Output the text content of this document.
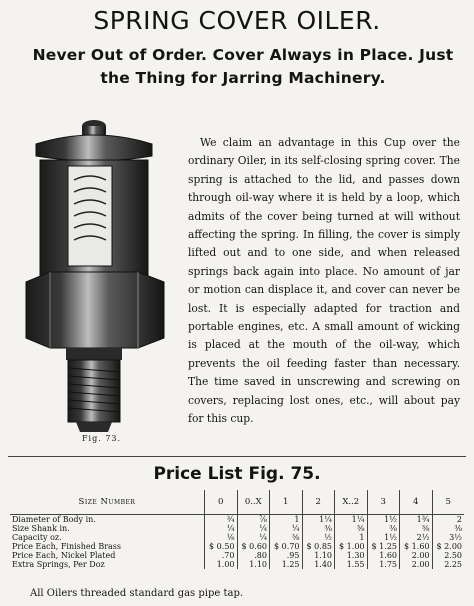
SPRING COVER OILER.
Never Out of Order. Cover Always in Place. Just the Thing for Jarring Machinery.
Fig. 73.
We claim an advantage in this Cup over the ordinary Oiler, in its self-closing spring cover. The spring is attached to the lid, and passes down through oil-way where it is held by a loop, which admits of the cover being turned at will without affecting the spring. In filling, the cover is simply lifted out and to one side, and when released springs back again into place. No amount of jar or motion can displace it, and cover can never be lost. It is especially adapted for traction and portable engines, etc. A small amount of wicking is placed at the mouth of the oil-way, which prevents the oil feeding faster than necessary. The time saved in unscrewing and screwing on covers, replacing lost ones, etc., will about pay for this cup.
Price List Fig. 75.
Size Number	0	0..X	1	2	X..2	3	4	5
Diameter of Body in.	¾	⅞	1	1¼	1¼	1½	1¾	2
Size Shank in.	¼	¼	¼	⅜	⅜	⅜	⅜	⅜
Capacity oz.	⅛	¼	⅜	½	1	1½	2½	3½
Price Each, Finished Brass	$ 0.50	$ 0.60	$ 0.70	$ 0.85	$ 1.00	$ 1.25	$ 1.60	$ 2.00
Price Each, Nickel Plated	.70	.80	.95	1.10	1.30	1.60	2.00	2.50
Extra Springs, Per Doz	1.00	1.10	1.25	1.40	1.55	1.75	2.00	2.25
All Oilers threaded standard gas pipe tap.
